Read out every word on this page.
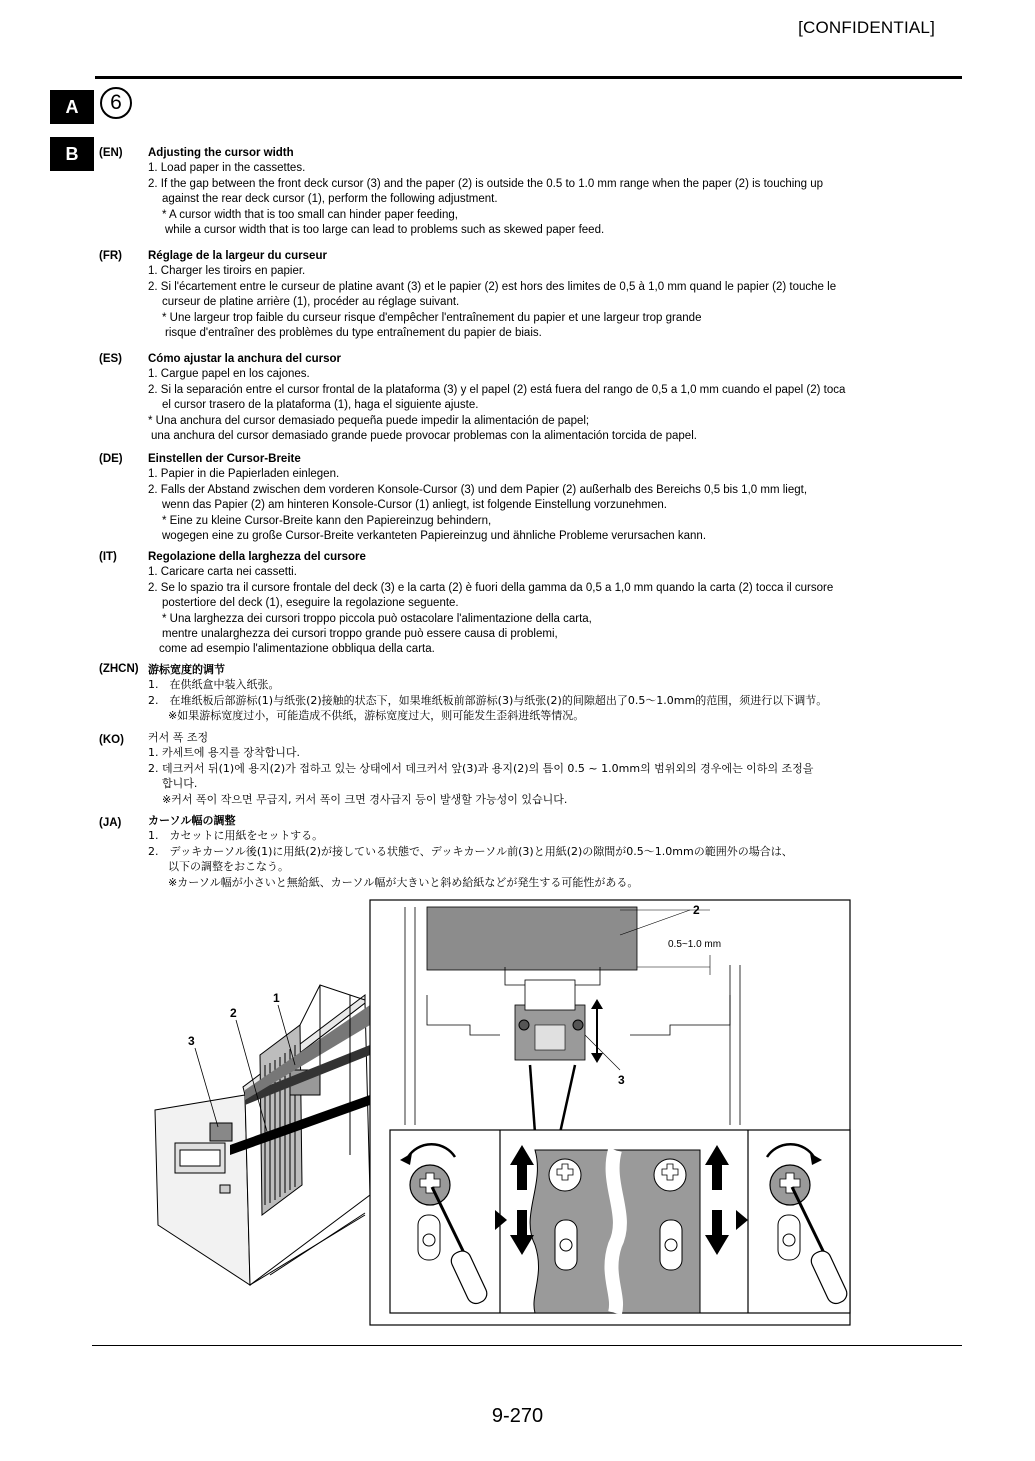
[CONFIDENTIAL]
A
B
6
(EN) Adjusting the cursor width
1. Load paper in the cassettes.
2. If the gap between the front deck cursor (3) and the paper (2) is outside the 0.5 to 1.0 mm range when the paper (2) is touching up
against the rear deck cursor (1), perform the following adjustment.
* A cursor width that is too small can hinder paper feeding,
while a cursor width that is too large can lead to problems such as skewed paper feed.
(FR) Réglage de la largeur du curseur
1. Charger les tiroirs en papier.
2. Si l'écartement entre le curseur de platine avant (3) et le papier (2) est hors des limites de 0,5 à 1,0 mm quand le papier (2) touche le
curseur de platine arrière (1), procéder au réglage suivant.
* Une largeur trop faible du curseur risque d'empêcher l'entraînement du papier et une largeur trop grande
risque d'entraîner des problèmes du type entraînement du papier de biais.
(ES) Cómo ajustar la anchura del cursor
1. Cargue papel en los cajones.
2. Si la separación entre el cursor frontal de la plataforma (3) y el papel (2) está fuera del rango de 0,5 a 1,0 mm cuando el papel (2) toca
el cursor trasero de la plataforma (1), haga el siguiente ajuste.
* Una anchura del cursor demasiado pequeña puede impedir la alimentación de papel;
una anchura del cursor demasiado grande puede provocar problemas con la alimentación torcida de papel.
(DE) Einstellen der Cursor-Breite
1. Papier in die Papierladen einlegen.
2. Falls der Abstand zwischen dem vorderen Konsole-Cursor (3) und dem Papier (2) außerhalb des Bereichs 0,5 bis 1,0 mm liegt,
wenn das Papier (2) am hinteren Konsole-Cursor (1) anliegt, ist folgende Einstellung vorzunehmen.
* Eine zu kleine Cursor-Breite kann den Papiereinzug behindern,
wogegen eine zu große Cursor-Breite verkanteten Papiereinzug und ähnliche Probleme verursachen kann.
(IT)	Regolazione della larghezza del cursore
1. Caricare carta nei cassetti.
2. Se lo spazio tra il cursore frontale del deck (3) e la carta (2) è fuori della gamma da 0,5 a 1,0 mm quando la carta (2) tocca il cursore
postertiore del deck (1), eseguire la regolazione seguente.
* Una larghezza dei cursori troppo piccola può ostacolare l'alimentazione della carta,
mentre unalarghezza dei cursori troppo grande può essere causa di problemi,
come ad esempio l'alimentazione obbliqua della carta.
(ZHCN) 游标宽度的调节
1.　在供纸盒中装入纸张。
2.　在堆纸板后部游标(1)与纸张(2)接触的状态下，如果堆纸板前部游标(3)与纸张(2)的间隙超出了0.5～1.0mm的范围，须进行以下调节。
※如果游标宽度过小，可能造成不供纸，游标宽度过大，则可能发生歪斜进纸等情况。
(KO) 커서 폭 조정
1. 카세트에 용지를 장착합니다.
2. 데크커서 뒤(1)에 용지(2)가 접하고 있는 상태에서 데크커서 앞(3)과 용지(2)의 틈이 0.5 ~ 1.0mm의 범위외의 경우에는 이하의 조정을
합니다.
※커서 폭이 작으면 무급지, 커서 폭이 크면 경사급지 등이 발생할 가능성이 있습니다.
(JA) カーソル幅の調整
1.　カセットに用紙をセットする。
2.　デッキカーソル後(1)に用紙(2)が接している状態で、デッキカーソル前(3)と用紙(2)の隙間が0.5～1.0mmの範囲外の場合は、
以下の調整をおこなう。
※カーソル幅が小さいと無給紙、カーソル幅が大きいと斜め給紙などが発生する可能性がある。
1
2
3
2
0.5~1.0 mm
3
9-270
